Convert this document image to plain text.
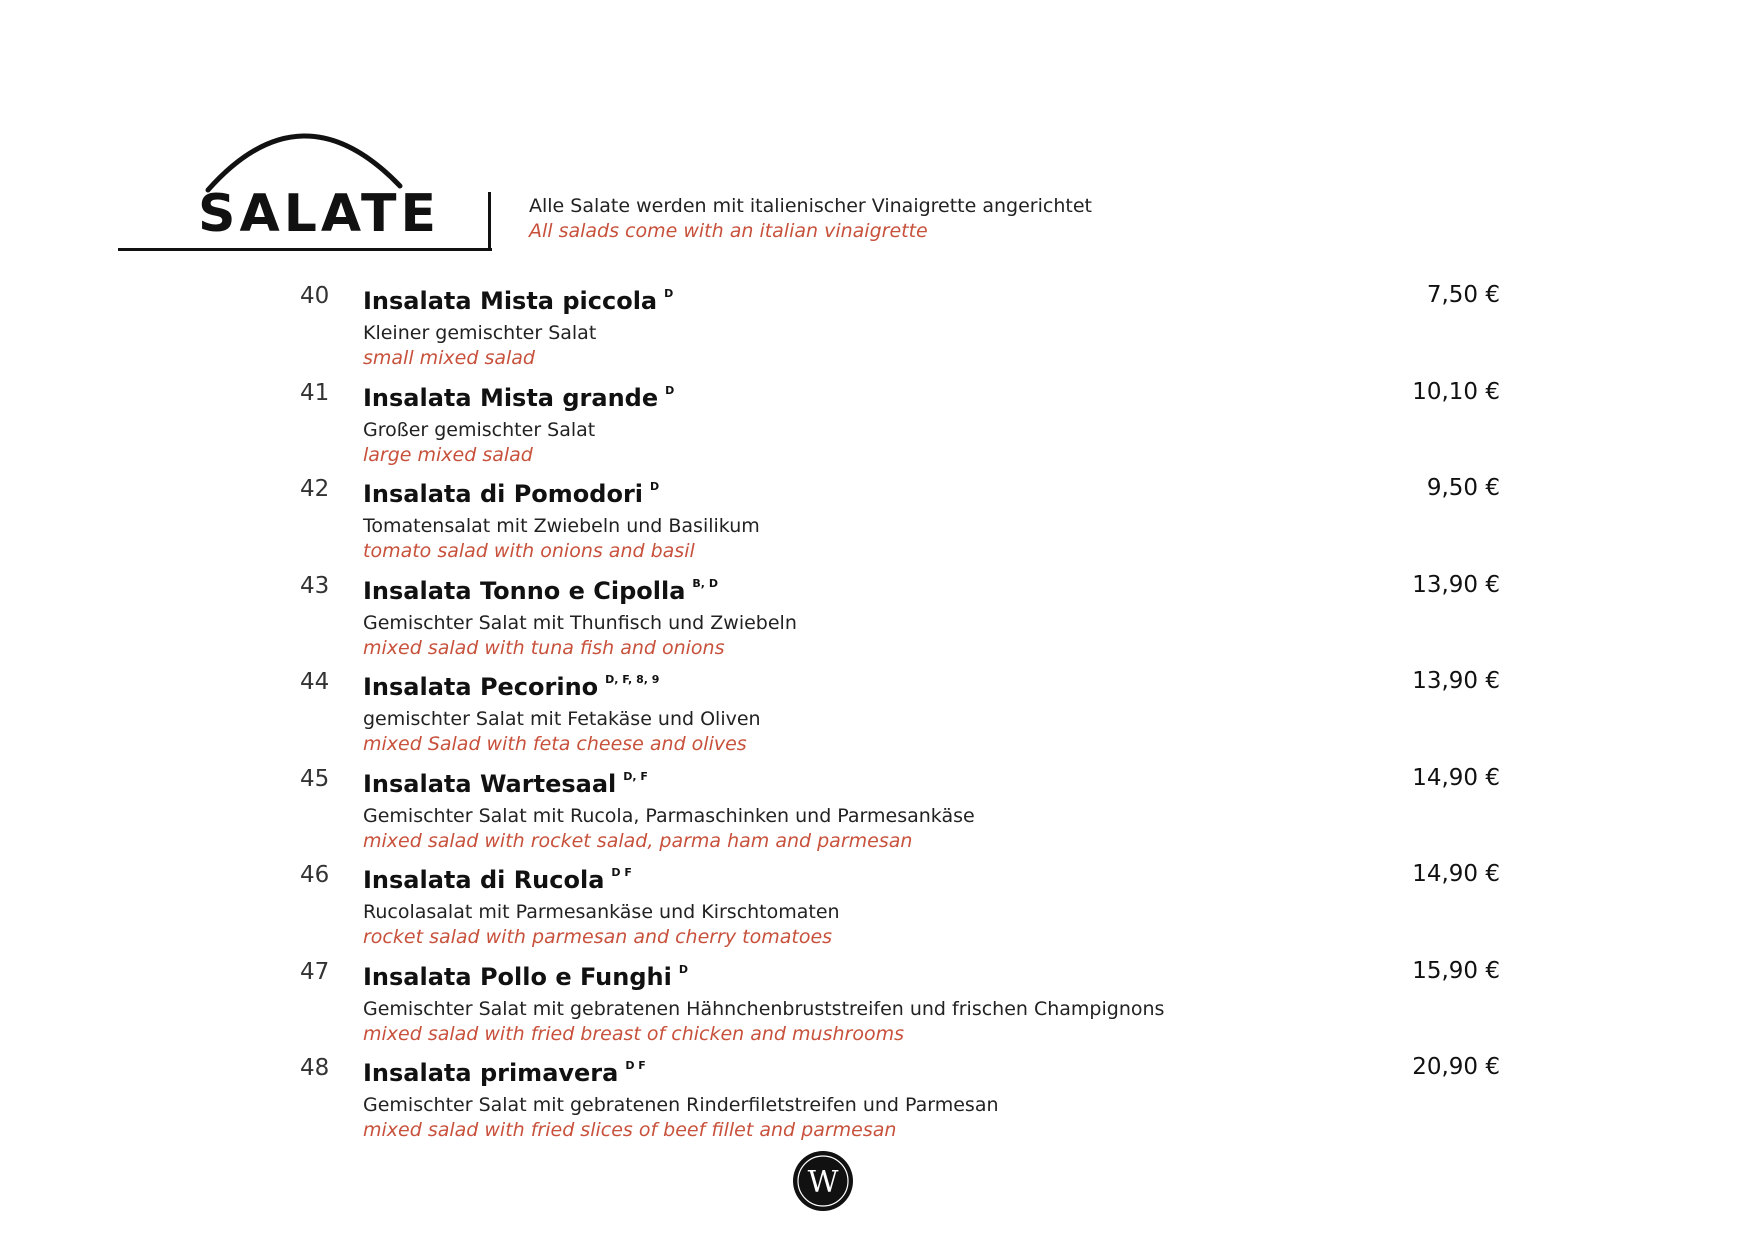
SALATE	Alle Salate werden mit italienischer Vinaigrette angerichtet
All salads come with an italian vinaigrette
40 Insalata Mista piccola $^D$
Kleiner gemischter Salat
small mixed salad
7,50 €
41 Insalata Mista grande $^D$
Großer gemischter Salat
large mixed salad
10,10 €
42 Insalata di Pomodori $^D$
Tomatensalat mit Zwiebeln und Basilikum
tomato salad with onions and basil
9,50 €
43 Insalata Tonno e Cipolla $^{B, D}$
Gemischter Salat mit Thunfisch und Zwiebeln
mixed salad with tuna fish and onions
13,90 €
44 Insalata Pecorino $^{D, F, 8, 9}$
gemischter Salat mit Fetakäse und Oliven
mixed Salad with feta cheese and olives
13,90 €
45 Insalata Wartesaal $^{D, F}$
Gemischter Salat mit Rucola, Parmaschinken und Parmesankäse
mixed salad with rocket salad, parma ham and parmesan
14,90 €
46 Insalata di Rucola $^{D F}$
Rucolasalat mit Parmesankäse und Kirschtomaten
rocket salad with parmesan and cherry tomatoes
14,90 €
47 Insalata Pollo e Funghi $^D$
Gemischter Salat mit gebratenen Hähnchenbruststreifen und frischen Champignons
mixed salad with fried breast of chicken and mushrooms
15,90 €
48 Insalata primavera $^{D F}$
Gemischter Salat mit gebratenen Rinderfiletstreifen und Parmesan
mixed salad with fried slices of beef fillet and parmesan
20,90 €
W
